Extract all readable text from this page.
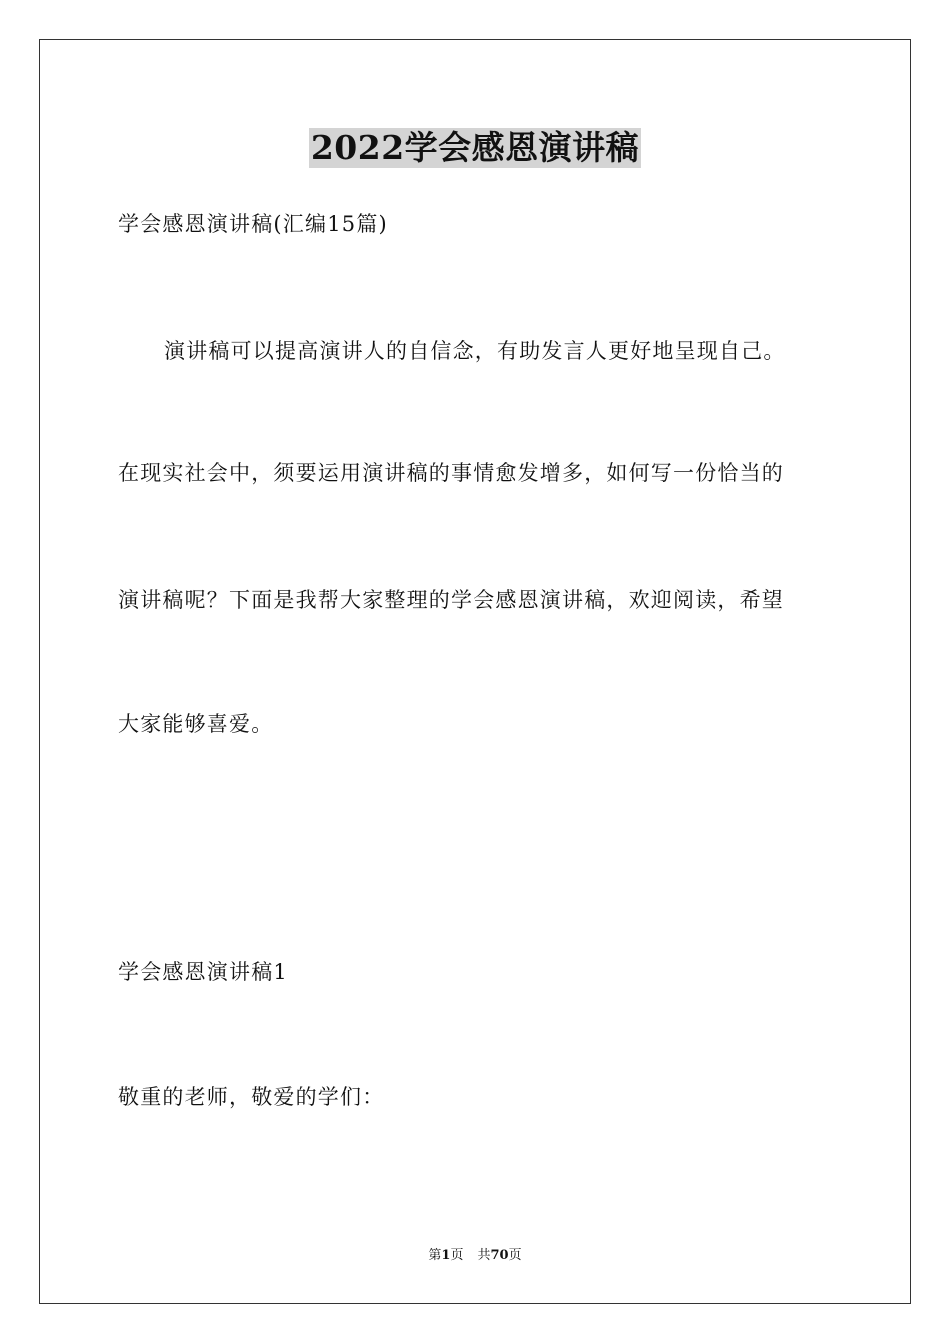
2022学会感恩演讲稿
学会感恩演讲稿(汇编15篇)
演讲稿可以提高演讲人的自信念，有助发言人更好地呈现自己。
在现实社会中，须要运用演讲稿的事情愈发增多，如何写一份恰当的
演讲稿呢？下面是我帮大家整理的学会感恩演讲稿，欢迎阅读，希望
大家能够喜爱。
学会感恩演讲稿1
敬重的老师，敬爱的学们：
第1页 共70页
